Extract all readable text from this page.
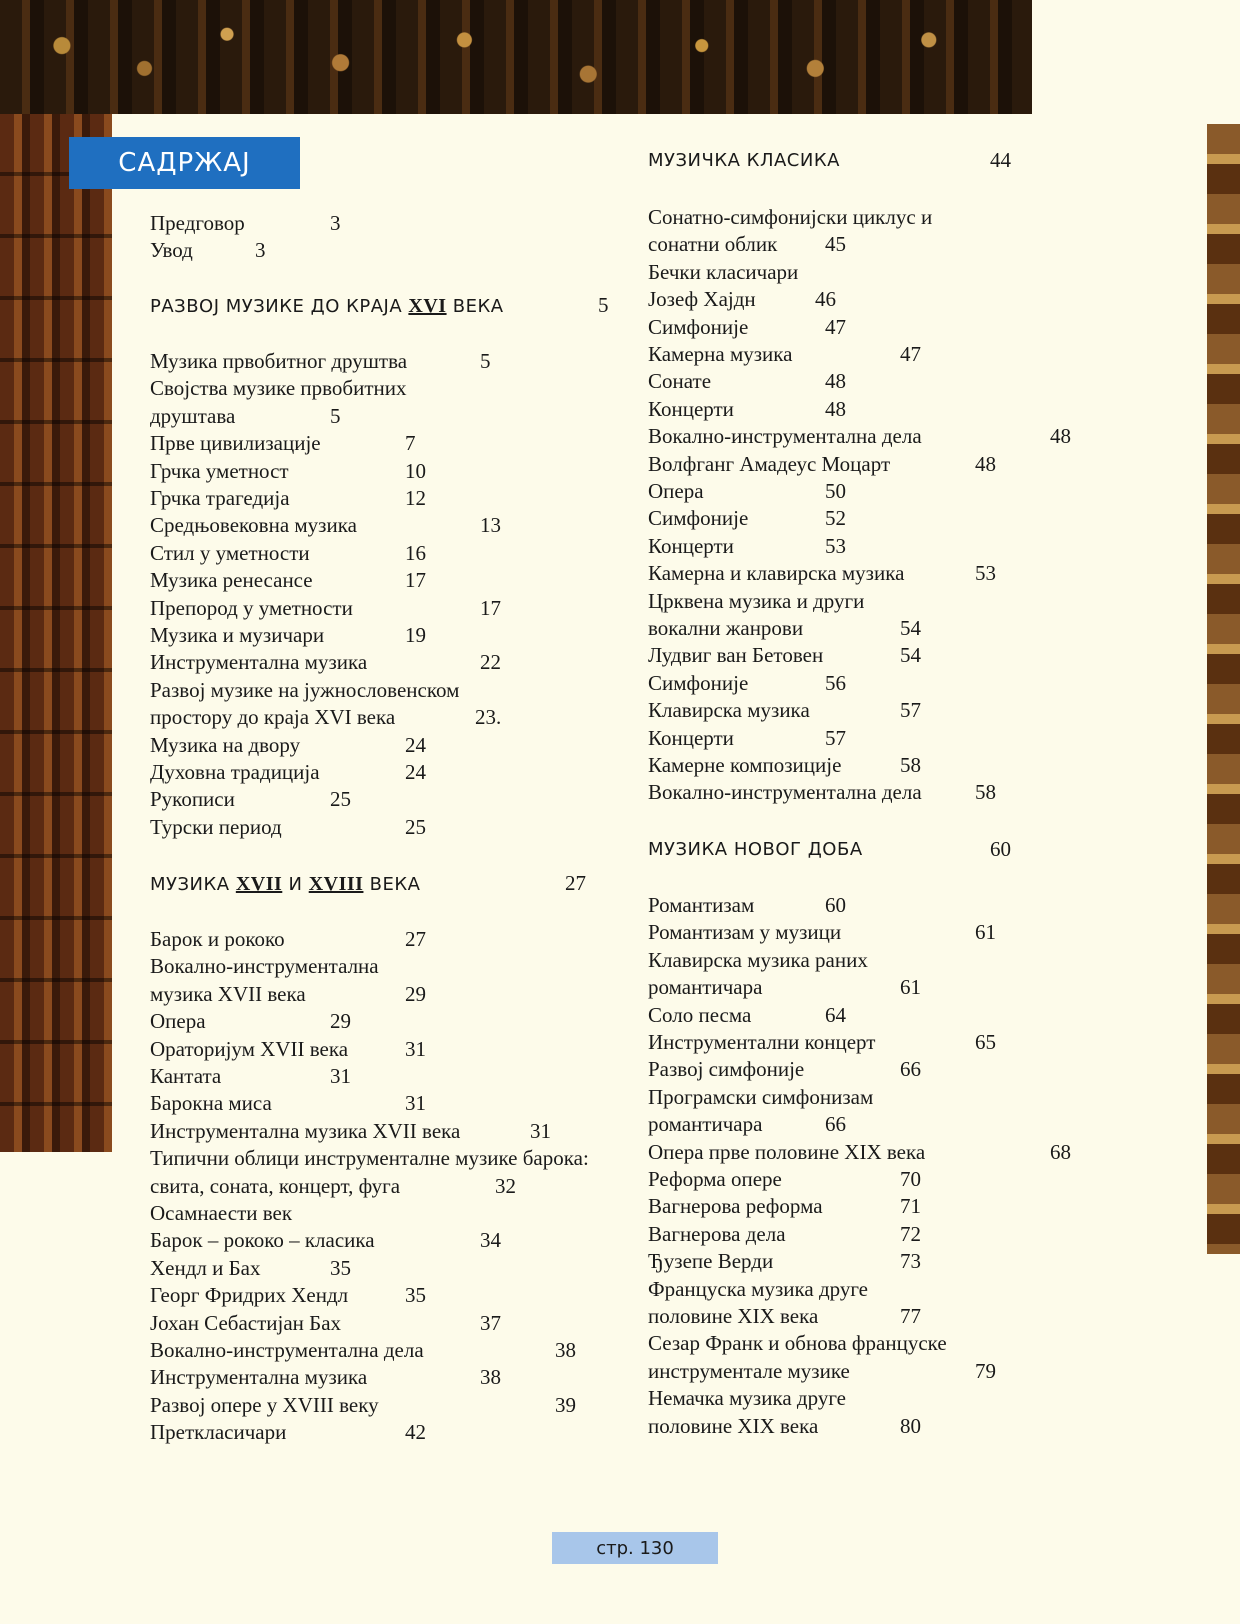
САДРЖАЈ
Предговор	3
Увод	3
РАЗВОЈ МУЗИКЕ ДО КРАЈА XVI ВЕКА	5
Музика првобитног друштва	5
Својства музике првобитних
друштава	5
Прве цивилизације	7
Грчка уметност	10
Грчка трагедија	12
Средњовековна музика	13
Стил у уметности	16
Музика ренесансе	17
Препород у уметности	17
Музика и музичари	19
Инструментална музика	22
Развој музике на јужнословенском
простору до краја XVI века	23.
Музика на двору	24
Духовна традиција	24
Рукописи	25
Турски период	25
МУЗИКА XVII И XVIII ВЕКА	27
Барок и рококо	27
Вокално-инструментална
музика XVII века	29
Опера	29
Ораторијум XVII века	31
Кантата	31
Барокна миса	31
Инструментална музика XVII века	31
Типични облици инструменталне музике барока:
свита, соната, концерт, фуга	32
Осамнаести век
Барок – рококо – класика	34
Хендл и Бах	35
Георг Фридрих Хендл	35
Јохан Себастијан Бах	37
Вокално-инструментална дела	38
Инструментална музика	38
Развој опере у XVIII веку	39
Преткласичари	42
МУЗИЧКА КЛАСИКА	44
Сонатно-симфонијски циклус и
сонатни облик 45
Бечки класичари
Јозеф Хајдн	46
Симфоније	47
Камерна музика	47
Сонате	48
Концерти	48
Вокално-инструментална дела	48
Волфганг Амадеус Моцарт	48
Опера	50
Симфоније	52
Концерти	53
Камерна и клавирска музика	53
Црквена музика и други
вокални жанрови	54
Лудвиг ван Бетовен	54
Симфоније	56
Клавирска музика	57
Концерти	57
Камерне композиције	58
Вокално-инструментална дела	58
МУЗИКА НОВОГ ДОБА	60
Романтизам	60
Романтизам у музици	61
Клавирска музика раних
романтичара	61
Соло песма	64
Инструментални концерт	65
Развој симфоније	66
Програмски симфонизам
романтичара	66
Опера прве половине XIX века	68
Реформа опере	70
Вагнерова реформа	71
Вагнерова дела	72
Ђузепе Верди	73
Француска музика друге
половине XIX века	77
Сезар Франк и обнова француске
инструментале музике	79
Немачка музика друге
половине XIX века	80
стр. 130
